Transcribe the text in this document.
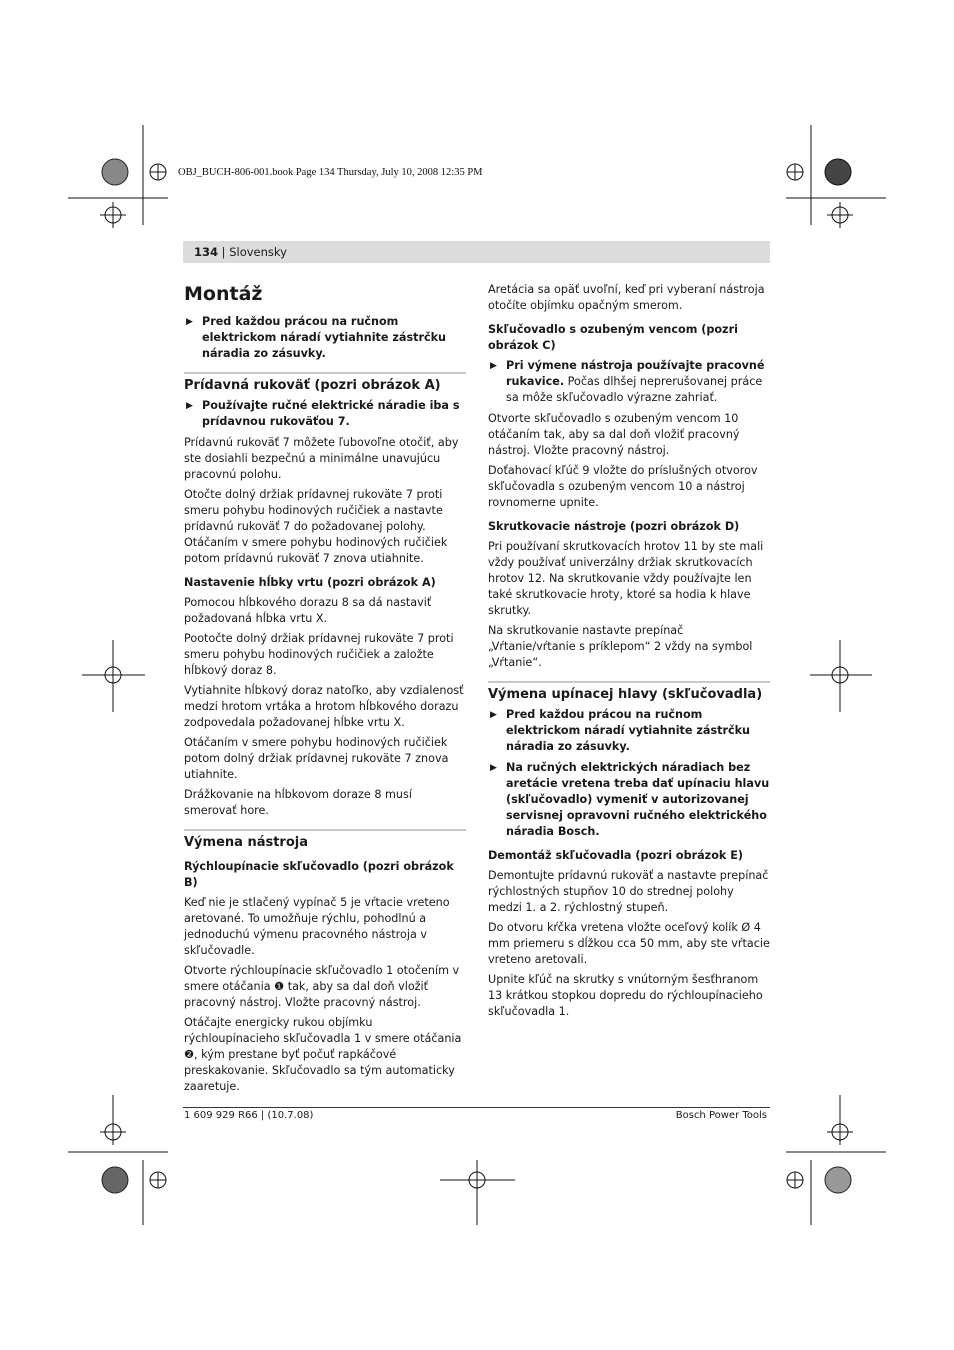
OBJ_BUCH-806-001.book Page 134 Thursday, July 10, 2008 12:35 PM
134 | Slovensky
Montáž
▶ Pred každou prácou na ručnom elektrickom náradí vytiahnite zástrčku náradia zo zásuvky.
Prídavná rukoväť (pozri obrázok A)
▶ Používajte ručné elektrické náradie iba s prídavnou rukoväťou 7.

Prídavnú rukoväť 7 môžete ľubovoľne otočiť, aby ste dosiahli bezpečnú a minimálne unavujúcu pracovnú polohu.

Otočte dolný držiak prídavnej rukoväte 7 proti smeru pohybu hodinových ručičiek a nastavte prídavnú rukoväť 7 do požadovanej polohy. Otáčaním v smere pohybu hodinových ručičiek potom prídavnú rukoväť 7 znova utiahnite.

Nastavenie hĺbky vrtu (pozri obrázok A)

Pomocou hĺbkového dorazu 8 sa dá nastaviť požadovaná hĺbka vrtu X.

Pootočte dolný držiak prídavnej rukoväte 7 proti smeru pohybu hodinových ručičiek a založte hĺbkový doraz 8.

Vytiahnite hĺbkový doraz natoľko, aby vzdialenosť medzi hrotom vrtáka a hrotom hĺbkového dorazu zodpovedala požadovanej hĺbke vrtu X.

Otáčaním v smere pohybu hodinových ručičiek potom dolný držiak prídavnej rukoväte 7 znova utiahnite.

Drážkovanie na hĺbkovom doraze 8 musí smerovať hore.

Výmena nástroja
Rýchloupínacie skľučovadlo (pozri obrázok B)

Keď nie je stlačený vypínač 5 je vŕtacie vreteno aretované. To umožňuje rýchlu, pohodlnú a jednoduchú výmenu pracovného nástroja v skľučovadle.

Otvorte rýchloupínacie skľučovadlo 1 otočením v smere otáčania ❶ tak, aby sa dal doň vložiť pracovný nástroj. Vložte pracovný nástroj.

Otáčajte energicky rukou objímku rýchloupínacieho skľučovadla 1 v smere otáčania ❷, kým prestane byť počuť rapkáčové preskakovanie. Skľučovadlo sa tým automaticky zaaretuje.

Aretácia sa opäť uvoľní, keď pri vyberaní nástroja otočíte objímku opačným smerom.

Skľučovadlo s ozubeným vencom (pozri obrázok C)
▶ Pri výmene nástroja používajte pracovné rukavice. Počas dlhšej neprerušovanej práce sa môže skľučovadlo výrazne zahriať.

Otvorte skľučovadlo s ozubeným vencom 10 otáčaním tak, aby sa dal doň vložiť pracovný nástroj. Vložte pracovný nástroj.

Doťahovací kľúč 9 vložte do príslušných otvorov skľučovadla s ozubeným vencom 10 a nástroj rovnomerne upnite.

Skrutkovacie nástroje (pozri obrázok D)

Pri používaní skrutkovacích hrotov 11 by ste mali vždy používať univerzálny držiak skrutkovacích hrotov 12. Na skrutkovanie vždy používajte len také skrutkovacie hroty, ktoré sa hodia k hlave skrutky.

Na skrutkovanie nastavte prepínač „Vŕtanie/vŕtanie s príklepom“ 2 vždy na symbol „Vŕtanie“.

Výmena upínacej hlavy (skľučovadla)
▶ Pred každou prácou na ručnom elektrickom náradí vytiahnite zástrčku náradia zo zásuvky.
▶ Na ručných elektrických náradiach bez aretácie vretena treba dať upínaciu hlavu (skľučovadlo) vymeniť v autorizovanej servisnej opravovni ručného elektrického náradia Bosch.
Demontáž skľučovadla (pozri obrázok E)

Demontujte prídavnú rukoväť a nastavte prepínač rýchlostných stupňov 10 do strednej polohy medzi 1. a 2. rýchlostný stupeň.

Do otvoru kŕčka vretena vložte oceľový kolík Ø 4 mm priemeru s dĺžkou cca 50 mm, aby ste vŕtacie vreteno aretovali.

Upnite kľúč na skrutky s vnútorným šesťhranom 13 krátkou stopkou dopredu do rýchloupínacieho skľučovadla 1.

1 609 929 R66 | (10.7.08)	Bosch Power Tools
